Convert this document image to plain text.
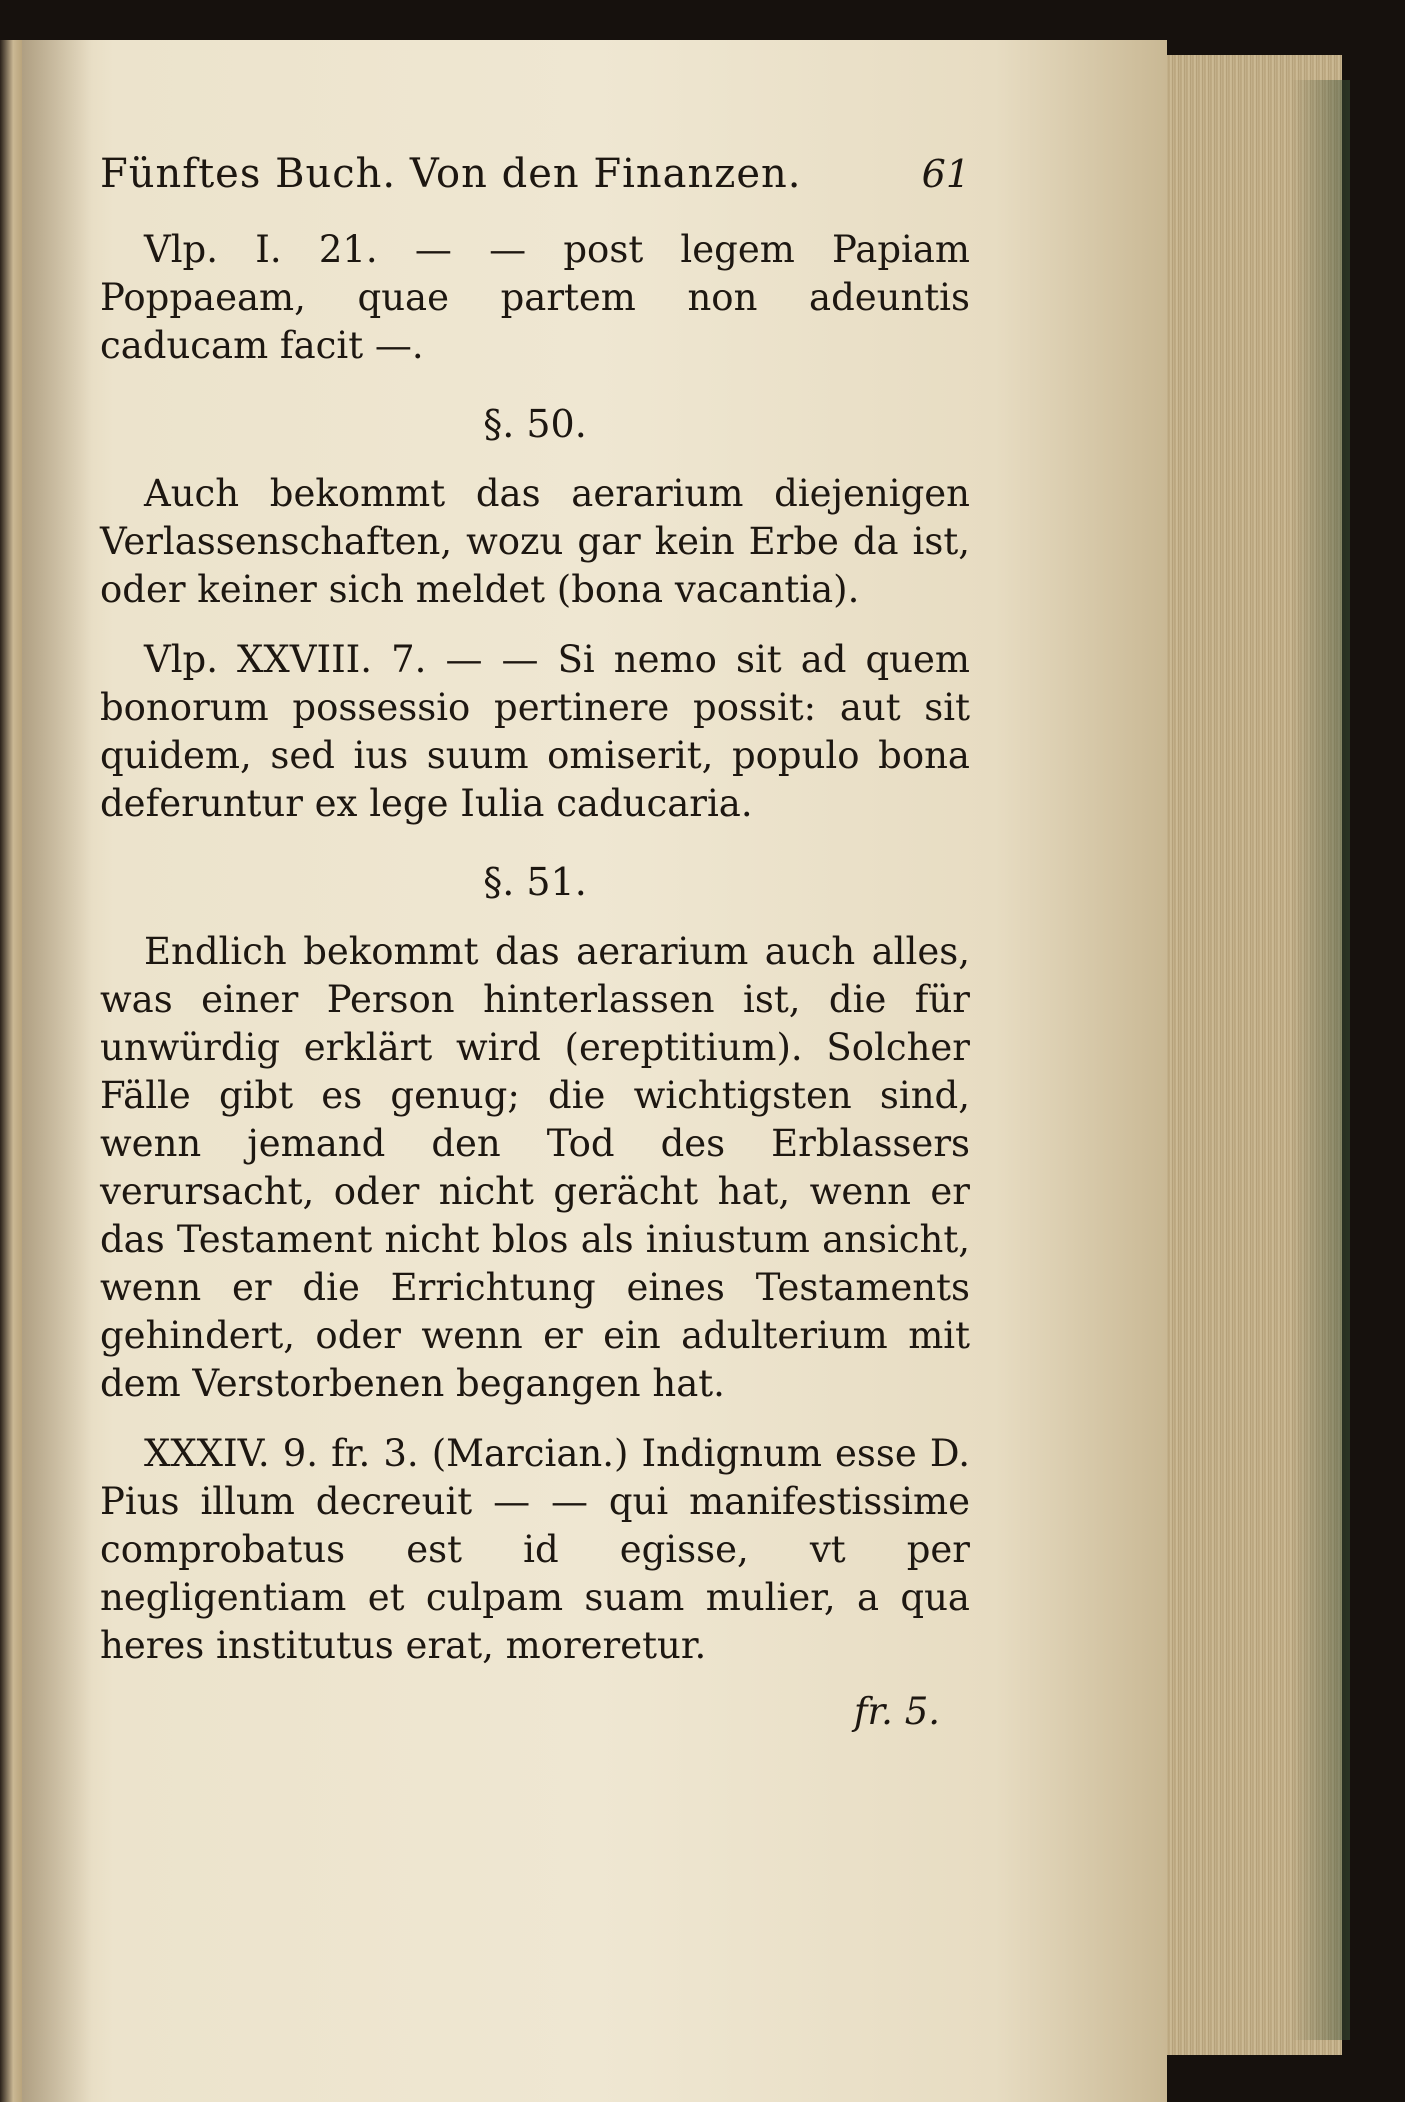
Fünftes Buch. Von den Finanzen.	61

Vlp. I. 21. — — post legem Papiam Poppaeam, quae partem non adeuntis caducam facit —.

§. 50.

Auch bekommt das aerarium diejenigen Verlassenschaften, wozu gar kein Erbe da ist, oder keiner sich meldet (bona vacantia).

Vlp. XXVIII. 7. — — Si nemo sit ad quem bonorum possessio pertinere possit: aut sit quidem, sed ius suum omiserit, populo bona deferuntur ex lege Iulia caducaria.

§. 51.

Endlich bekommt das aerarium auch alles, was einer Person hinterlassen ist, die für unwürdig erklärt wird (ereptitium). Solcher Fälle gibt es genug; die wichtigsten sind, wenn jemand den Tod des Erblassers verursacht, oder nicht gerächt hat, wenn er das Testament nicht blos als iniustum ansicht, wenn er die Errichtung eines Testaments gehindert, oder wenn er ein adulterium mit dem Verstorbenen begangen hat.

XXXIV. 9. fr. 3. (Marcian.) Indignum esse D. Pius illum decreuit — — qui manifestissime comprobatus est id egisse, vt per negligentiam et culpam suam mulier, a qua heres institutus erat, moreretur.

fr. 5.
